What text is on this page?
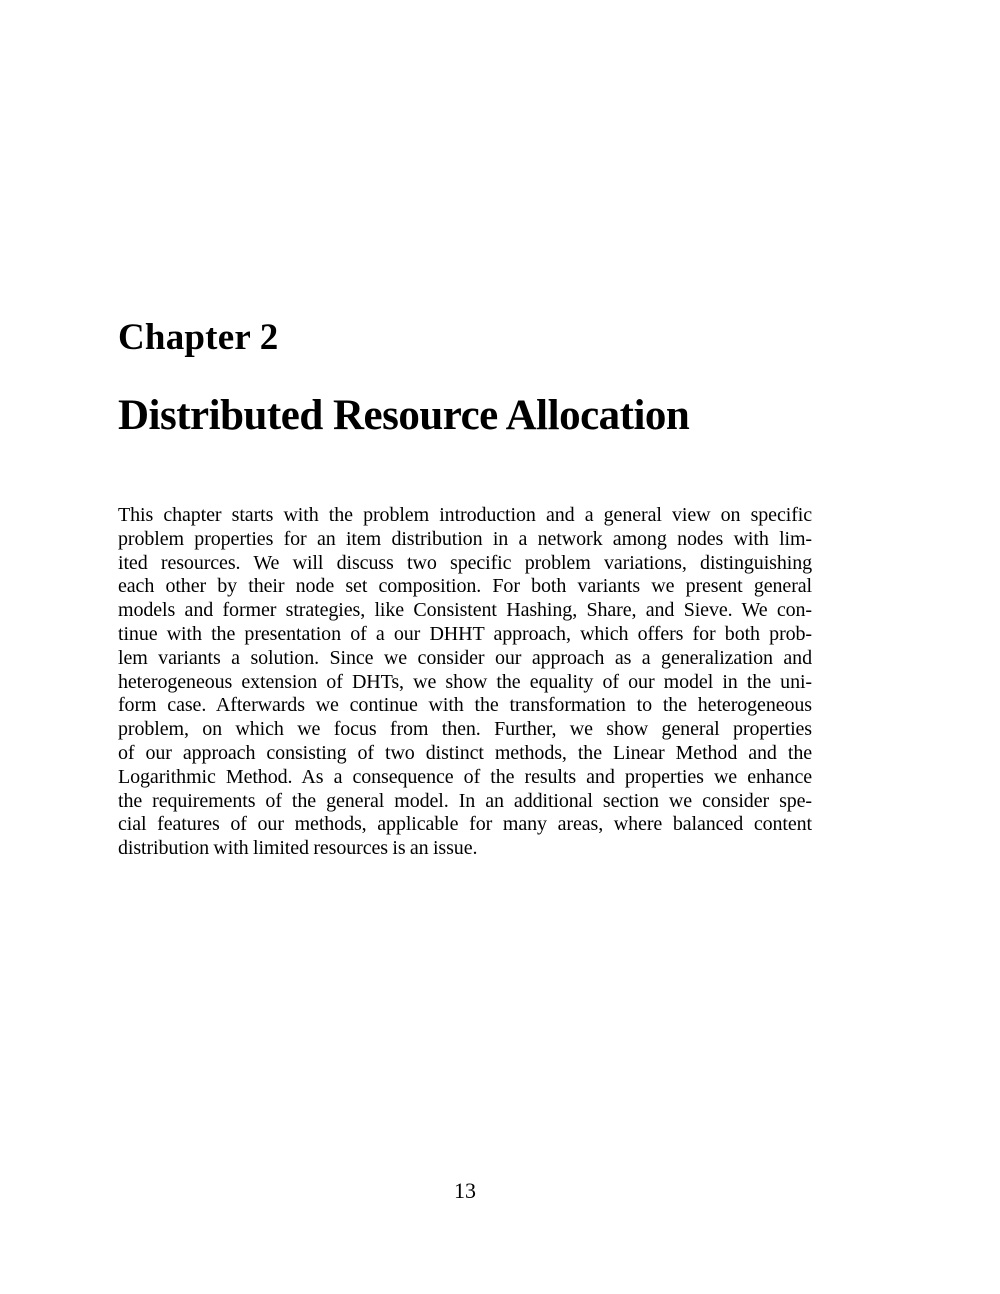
Chapter 2
Distributed Resource Allocation
This chapter starts with the problem introduction and a general view on specific
problem properties for an item distribution in a network among nodes with lim-
ited resources. We will discuss two specific problem variations, distinguishing
each other by their node set composition. For both variants we present general
models and former strategies, like Consistent Hashing, Share, and Sieve. We con-
tinue with the presentation of a our DHHT approach, which offers for both prob-
lem variants a solution. Since we consider our approach as a generalization and
heterogeneous extension of DHTs, we show the equality of our model in the uni-
form case. Afterwards we continue with the transformation to the heterogeneous
problem, on which we focus from then. Further, we show general properties
of our approach consisting of two distinct methods, the Linear Method and the
Logarithmic Method. As a consequence of the results and properties we enhance
the requirements of the general model. In an additional section we consider spe-
cial features of our methods, applicable for many areas, where balanced content
distribution with limited resources is an issue.
13
